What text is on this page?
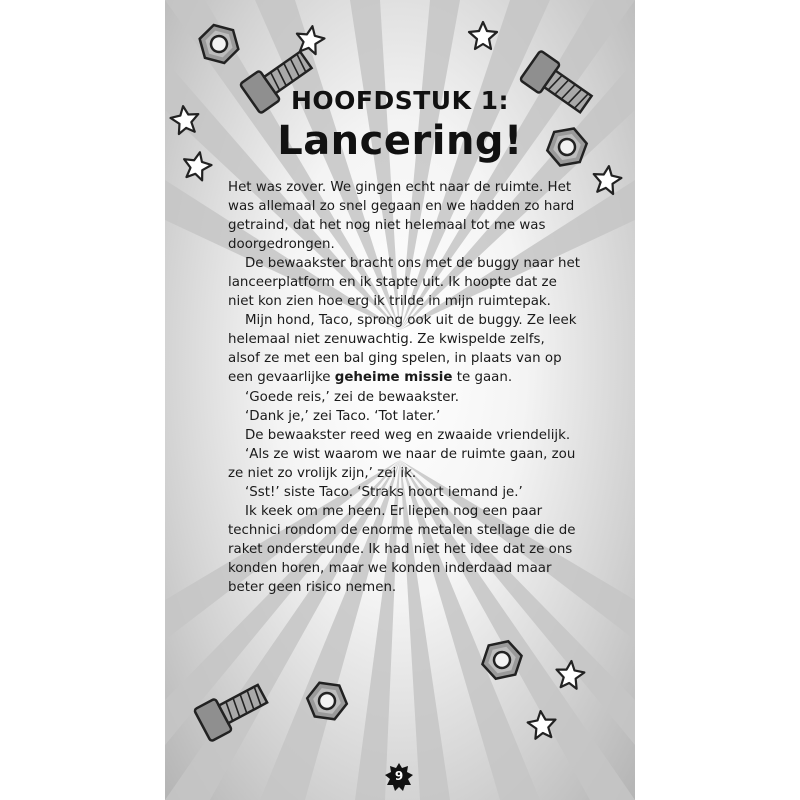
HOOFDSTUK 1:
Lancering!

Het was zover. We gingen echt naar de ruimte. Het was allemaal zo snel gegaan en we hadden zo hard getraind, dat het nog niet helemaal tot me was doorgedrongen.

De bewaakster bracht ons met de buggy naar het lanceerplatform en ik stapte uit. Ik hoopte dat ze niet kon zien hoe erg ik trilde in mijn ruimtepak.

Mijn hond, Taco, sprong ook uit de buggy. Ze leek helemaal niet zenuwachtig. Ze kwispelde zelfs, alsof ze met een bal ging spelen, in plaats van op een gevaarlijke geheime missie te gaan.

‘Goede reis,’ zei de bewaakster.

‘Dank je,’ zei Taco. ‘Tot later.’

De bewaakster reed weg en zwaaide vriendelijk.

‘Als ze wist waarom we naar de ruimte gaan, zou ze niet zo vrolijk zijn,’ zei ik.

‘Sst!’ siste Taco. ‘Straks hoort iemand je.’

Ik keek om me heen. Er liepen nog een paar technici rondom de enorme metalen stellage die de raket ondersteunde. Ik had niet het idee dat ze ons konden horen, maar we konden inderdaad maar beter geen risico nemen.

9
